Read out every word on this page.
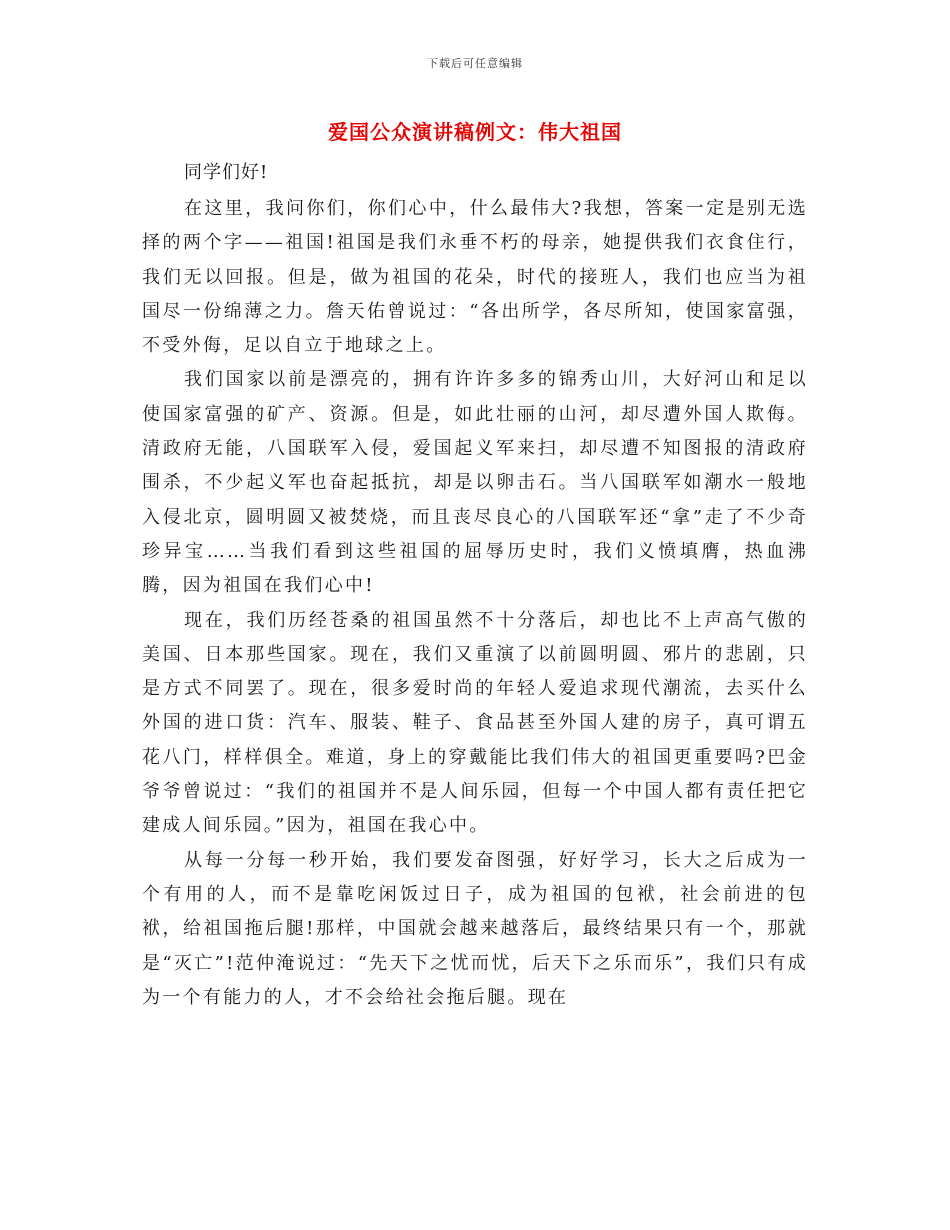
下载后可任意编辑
爱国公众演讲稿例文：伟大祖国

同学们好!

在这里，我问你们，你们心中，什么最伟大?我想，答案一定是别无选择的两个字——祖国!祖国是我们永垂不朽的母亲，她提供我们衣食住行，我们无以回报。但是，做为祖国的花朵，时代的接班人，我们也应当为祖国尽一份绵薄之力。詹天佑曾说过：“各出所学，各尽所知，使国家富强，不受外侮，足以自立于地球之上。

我们国家以前是漂亮的，拥有许许多多的锦秀山川，大好河山和足以使国家富强的矿产、资源。但是，如此壮丽的山河，却尽遭外国人欺侮。清政府无能，八国联军入侵，爱国起义军来扫，却尽遭不知图报的清政府围杀，不少起义军也奋起抵抗，却是以卵击石。当八国联军如潮水一般地入侵北京，圆明圆又被焚烧，而且丧尽良心的八国联军还“拿”走了不少奇珍异宝……当我们看到这些祖国的屈辱历史时，我们义愤填膺，热血沸腾，因为祖国在我们心中!

现在，我们历经苍桑的祖国虽然不十分落后，却也比不上声高气傲的美国、日本那些国家。现在，我们又重演了以前圆明圆、邪片的悲剧，只是方式不同罢了。现在，很多爱时尚的年轻人爱追求现代潮流，去买什么外国的进口货：汽车、服装、鞋子、食品甚至外国人建的房子，真可谓五花八门，样样俱全。难道，身上的穿戴能比我们伟大的祖国更重要吗?巴金爷爷曾说过：“我们的祖国并不是人间乐园，但每一个中国人都有责任把它建成人间乐园。”因为，祖国在我心中。

从每一分每一秒开始，我们要发奋图强，好好学习，长大之后成为一个有用的人，而不是靠吃闲饭过日子，成为祖国的包袱，社会前进的包袱，给祖国拖后腿!那样，中国就会越来越落后，最终结果只有一个，那就是“灭亡”!范仲淹说过：“先天下之忧而忧，后天下之乐而乐”，我们只有成为一个有能力的人，才不会给社会拖后腿。现在
